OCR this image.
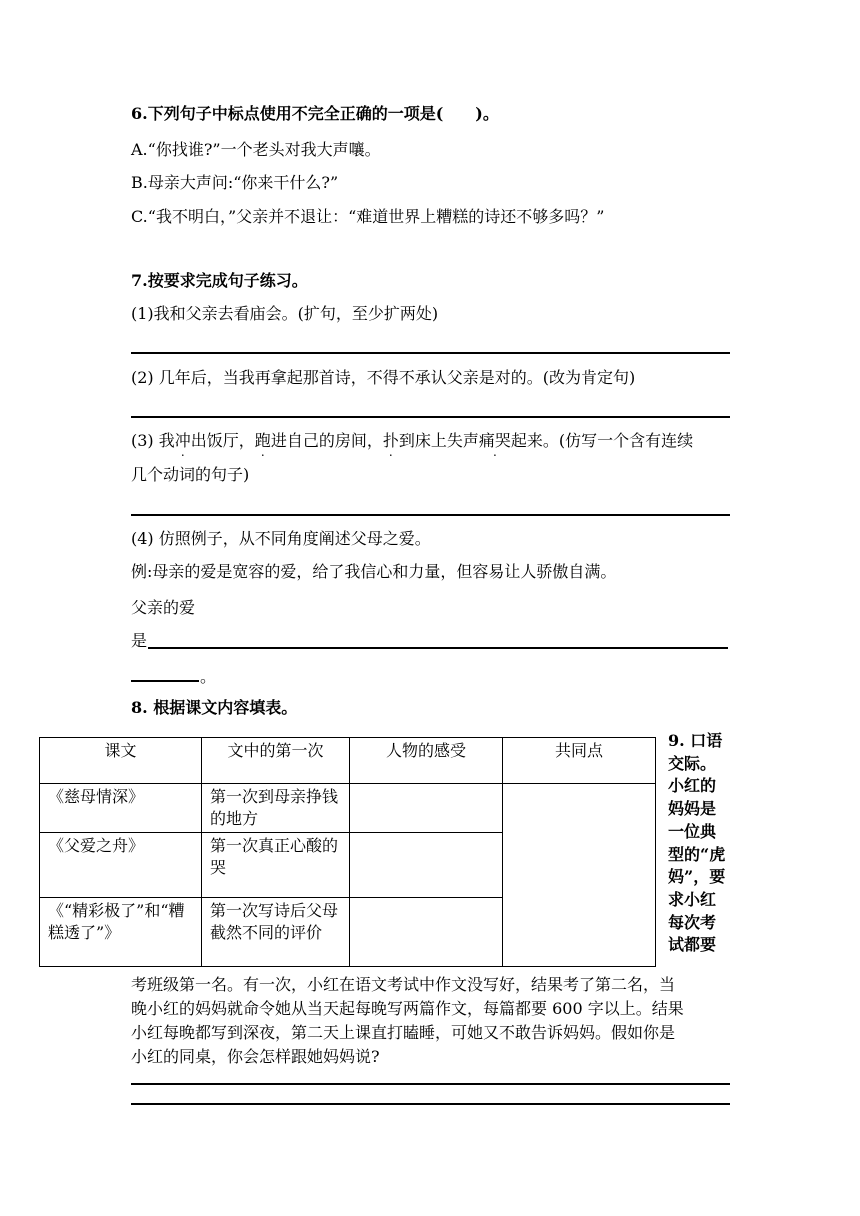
6.下列句子中标点使用不完全正确的一项是(　　)。
A.“你找谁?”一个老头对我大声嚷。
B.母亲大声问:“你来干什么?”
C.“我不明白，”父亲并不退让：“难道世界上糟糕的诗还不够多吗？”
7.按要求完成句子练习。
(1)我和父亲去看庙会。(扩句，至少扩两处)
(2) 几年后，当我再拿起那首诗，不得不承认父亲是对的。(改为肯定句)
(3) 我冲出饭厅，跑进自己的房间，扑到床上失声痛哭起来。(仿写一个含有连续
几个动词的句子)
(4) 仿照例子，从不同角度阐述父母之爱。
例:母亲的爱是宽容的爱，给了我信心和力量，但容易让人骄傲自满。
父亲的爱
是
。
8. 根据课文内容填表。
课文	文中的第一次	人物的感受	共同点
《慈母情深》	第一次到母亲挣钱的地方		
《父爱之舟》	第一次真正心酸的哭		
《“精彩极了”和“糟糕透了”》	第一次写诗后父母截然不同的评价		
9. 口语交际。小红的妈妈是一位典型的“虎妈”，要求小红每次考试都要
考班级第一名。有一次，小红在语文考试中作文没写好，结果考了第二名，当
晚小红的妈妈就命令她从当天起每晚写两篇作文，每篇都要 600 字以上。结果
小红每晚都写到深夜，第二天上课直打瞌睡，可她又不敢告诉妈妈。假如你是
小红的同桌，你会怎样跟她妈妈说?
